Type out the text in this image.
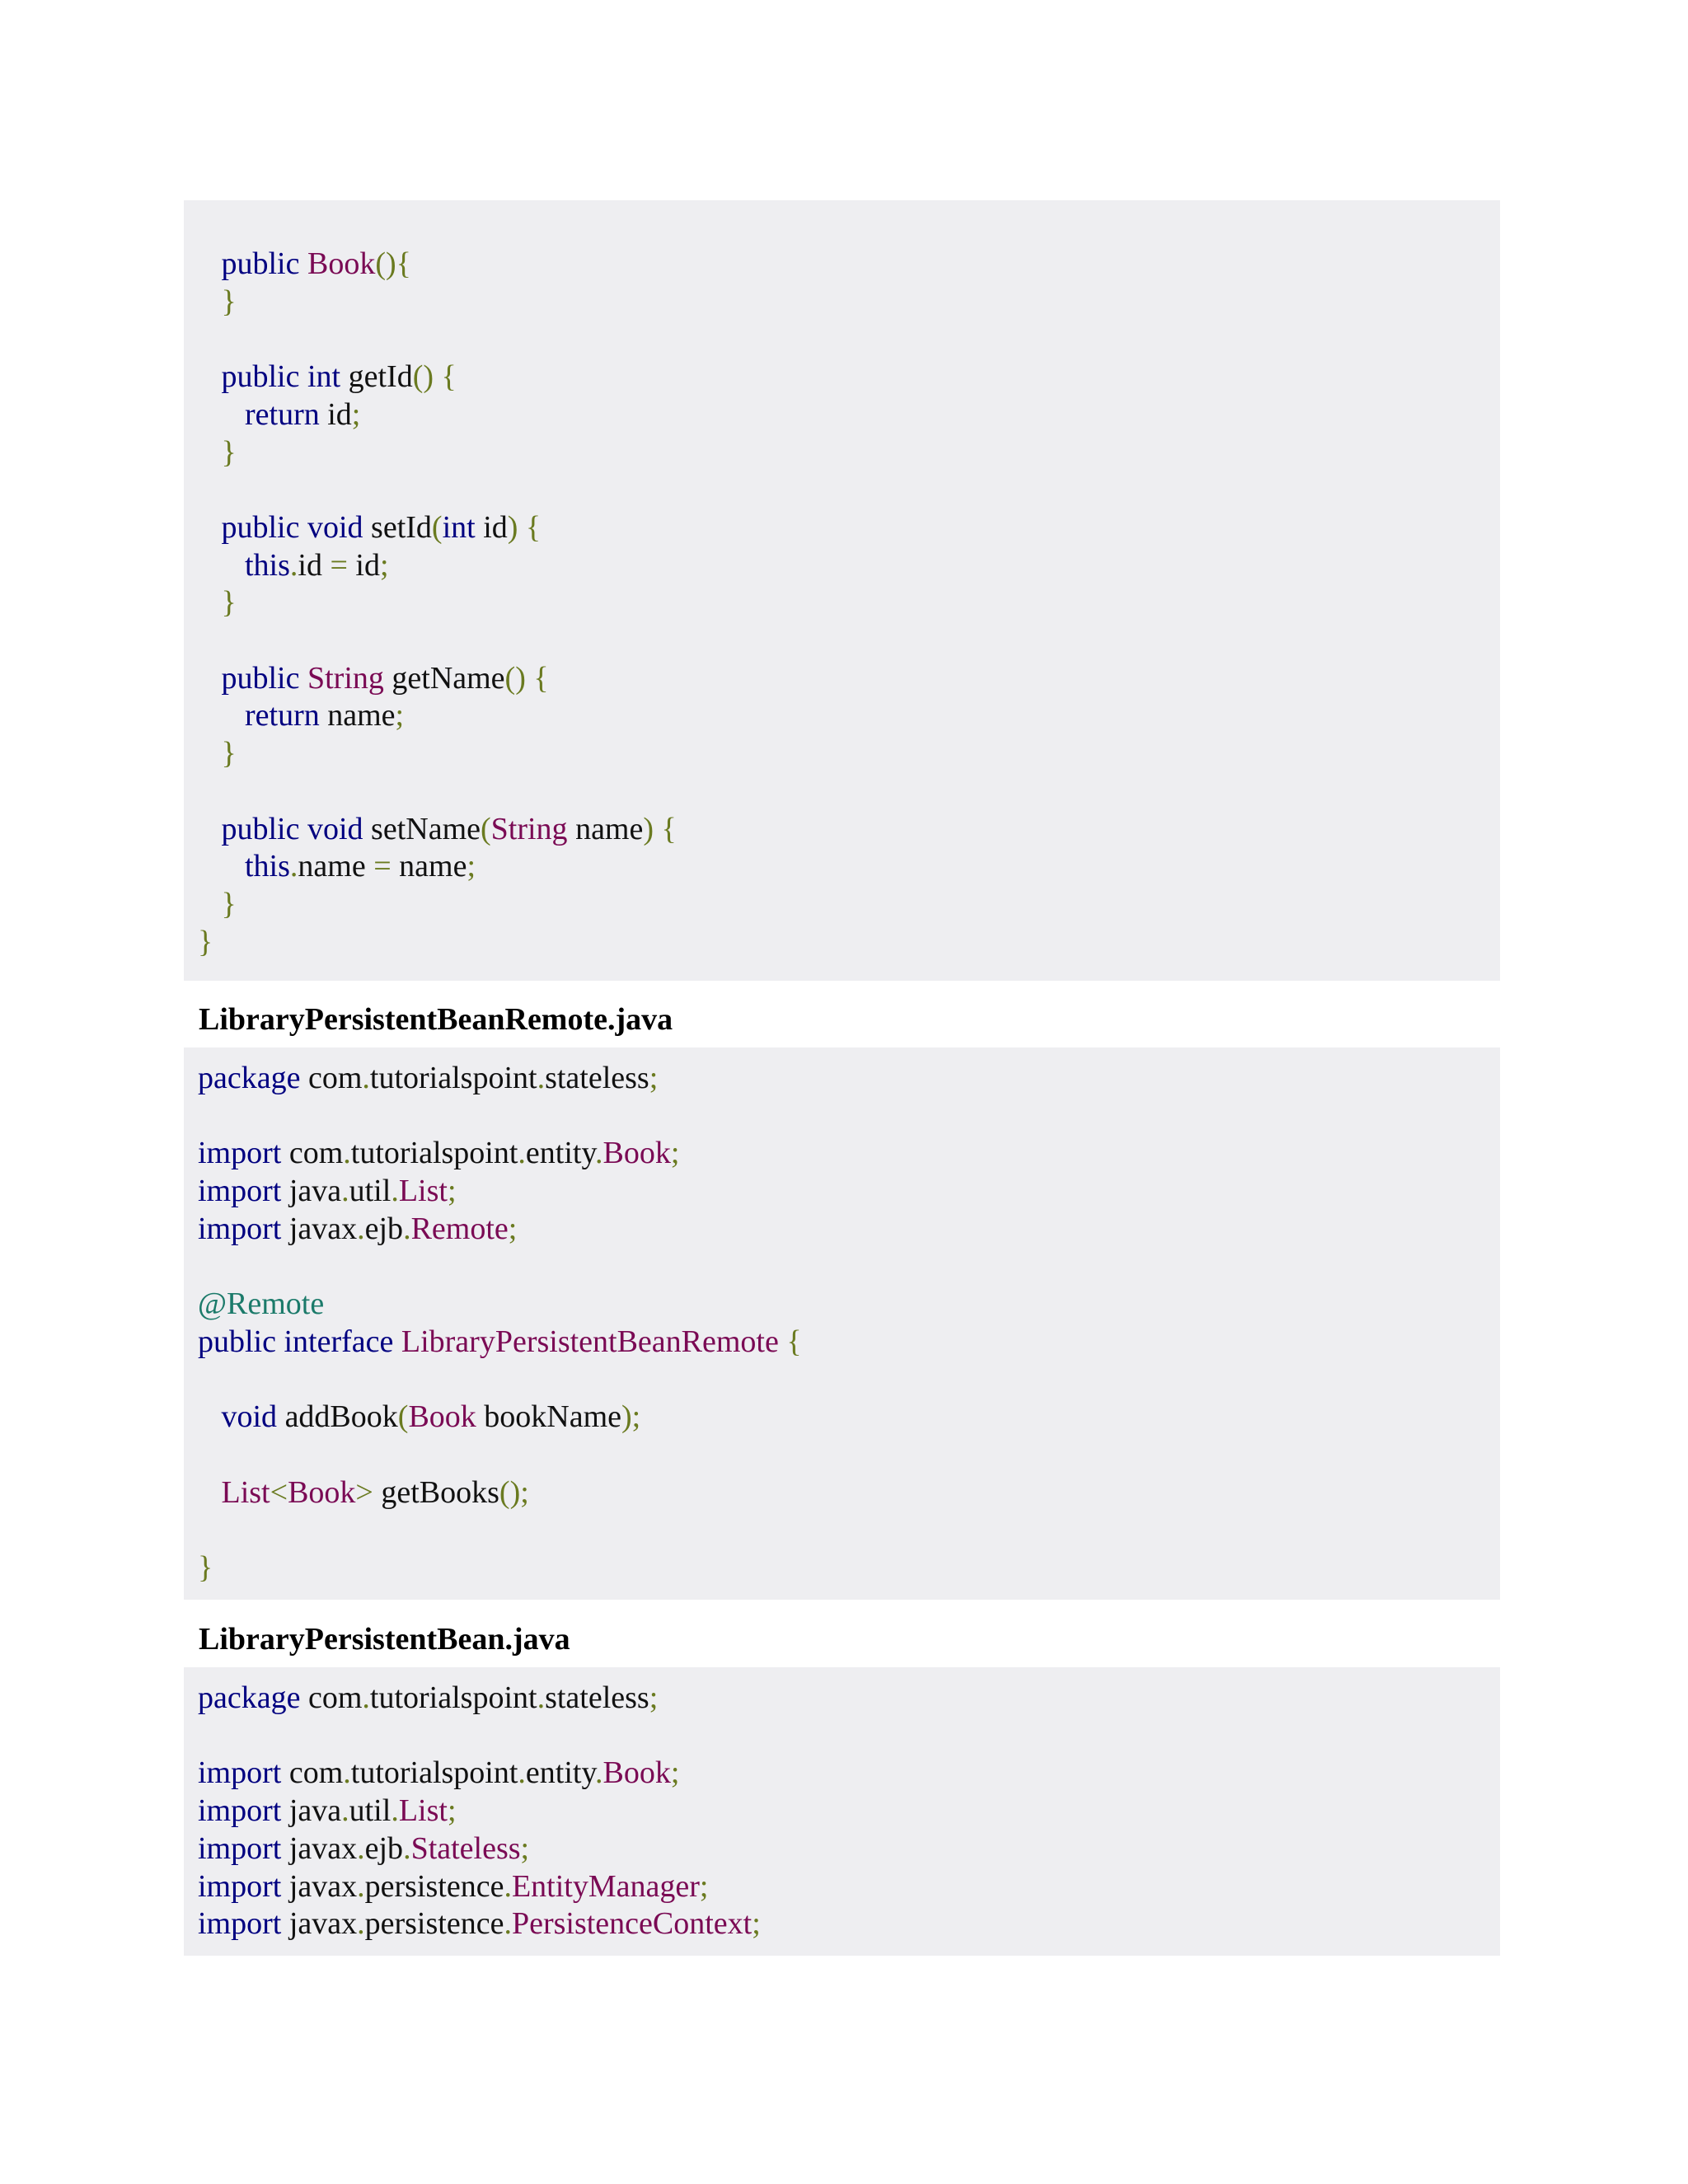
public Book(){
}
public int getId() {
return id;
}
public void setId(int id) {
this.id = id;
}
public String getName() {
return name;
}
public void setName(String name) {
this.name = name;
}
}
LibraryPersistentBeanRemote.java
package com.tutorialspoint.stateless;
import com.tutorialspoint.entity.Book;
import java.util.List;
import javax.ejb.Remote;
@Remote
public interface LibraryPersistentBeanRemote {
void addBook(Book bookName);
List<Book> getBooks();
}
LibraryPersistentBean.java
package com.tutorialspoint.stateless;
import com.tutorialspoint.entity.Book;
import java.util.List;
import javax.ejb.Stateless;
import javax.persistence.EntityManager;
import javax.persistence.PersistenceContext;
